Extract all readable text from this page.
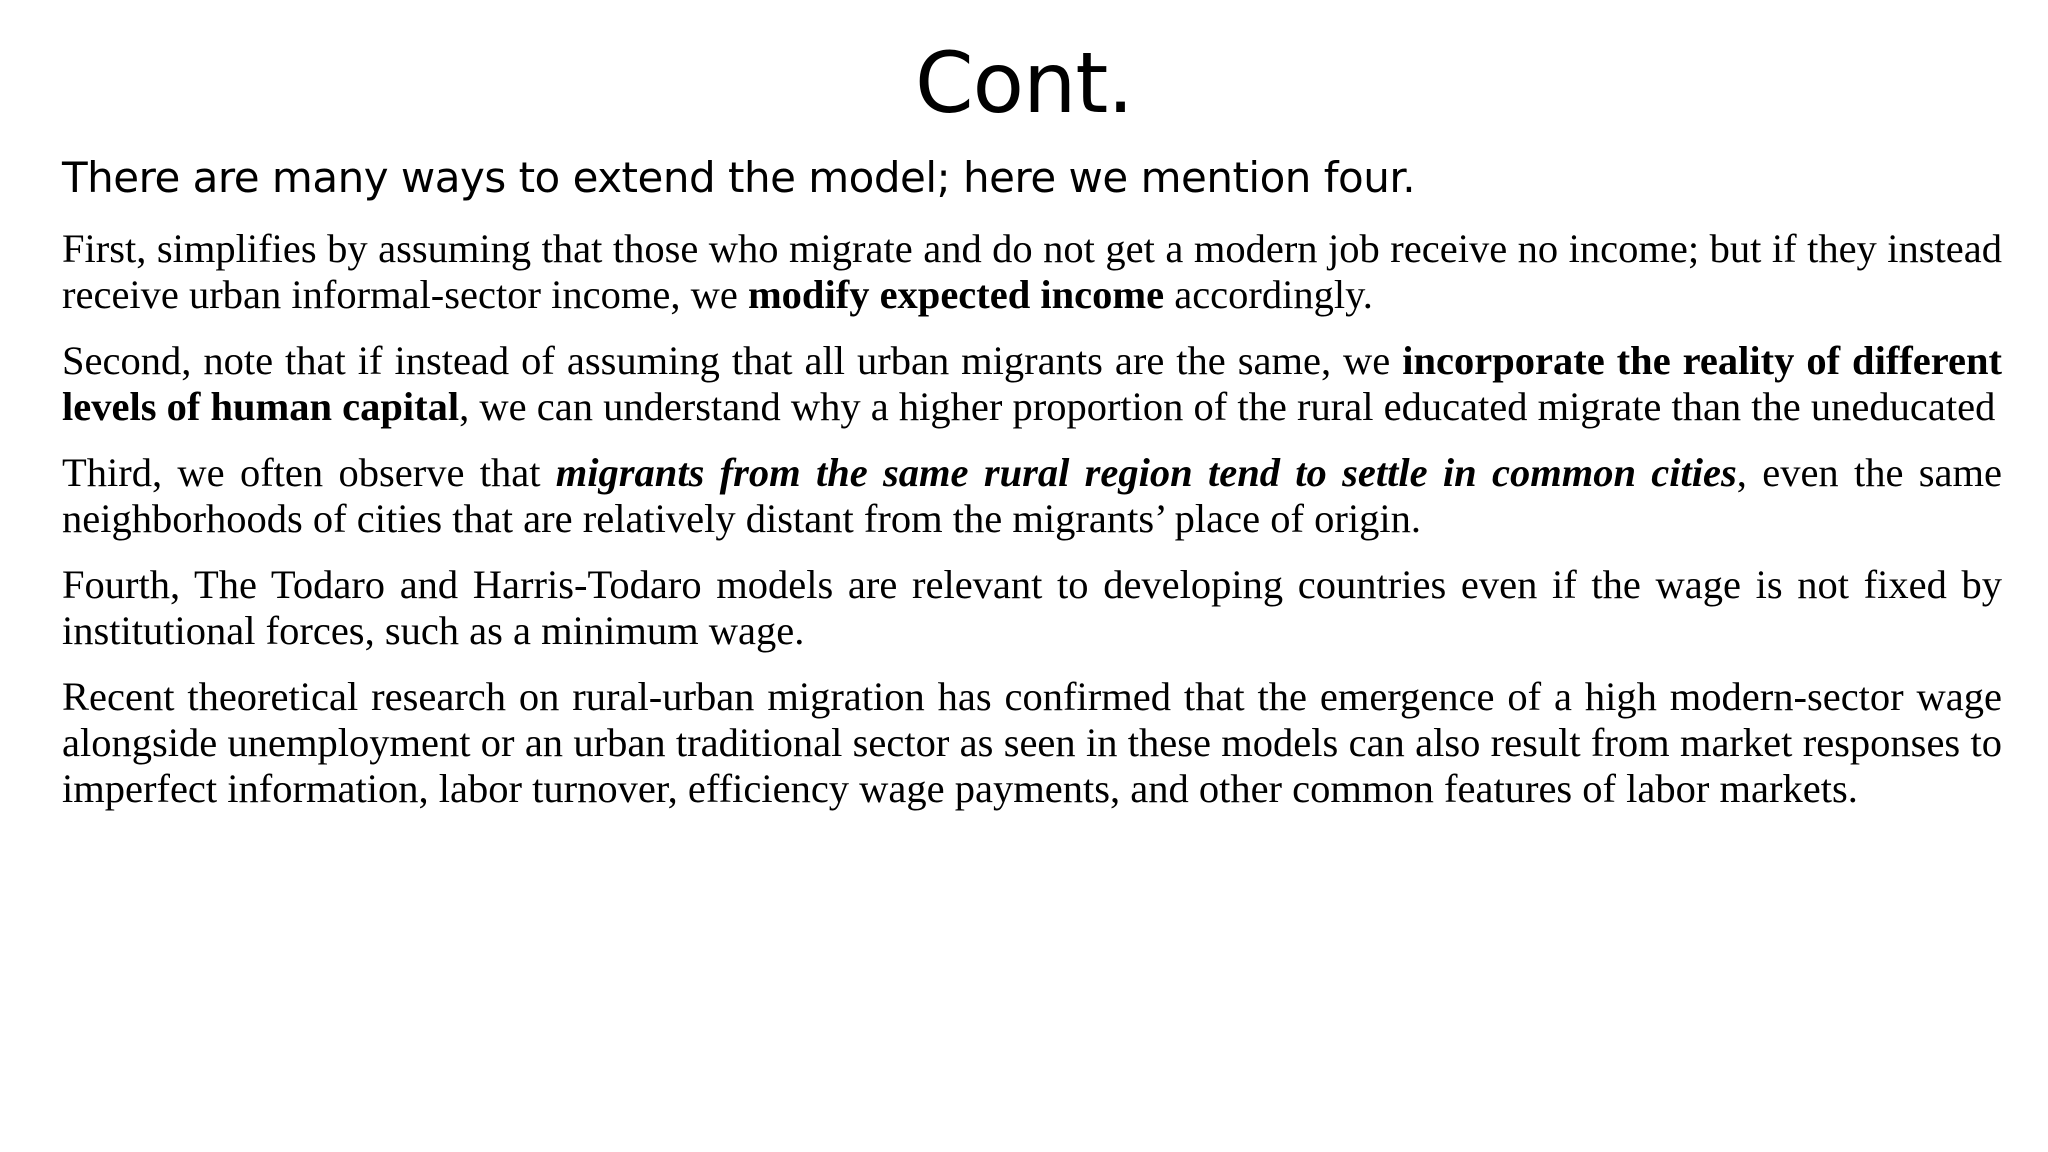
Cont.

There are many ways to extend the model; here we mention four.

First, simplifies by assuming that those who migrate and do not get a modern job receive no income; but if they instead receive urban informal-sector income, we modify expected income accordingly.

Second, note that if instead of assuming that all urban migrants are the same, we incorporate the reality of different levels of human capital, we can understand why a higher proportion of the rural educated migrate than the uneducated

Third, we often observe that migrants from the same rural region tend to settle in common cities, even the same neighborhoods of cities that are relatively distant from the migrants’ place of origin.

Fourth, The Todaro and Harris-Todaro models are relevant to developing countries even if the wage is not fixed by institutional forces, such as a minimum wage.

Recent theoretical research on rural-urban migration has confirmed that the emergence of a high modern-sector wage alongside unemployment or an urban traditional sector as seen in these models can also result from market responses to imperfect information, labor turnover, efficiency wage payments, and other common features of labor markets.
